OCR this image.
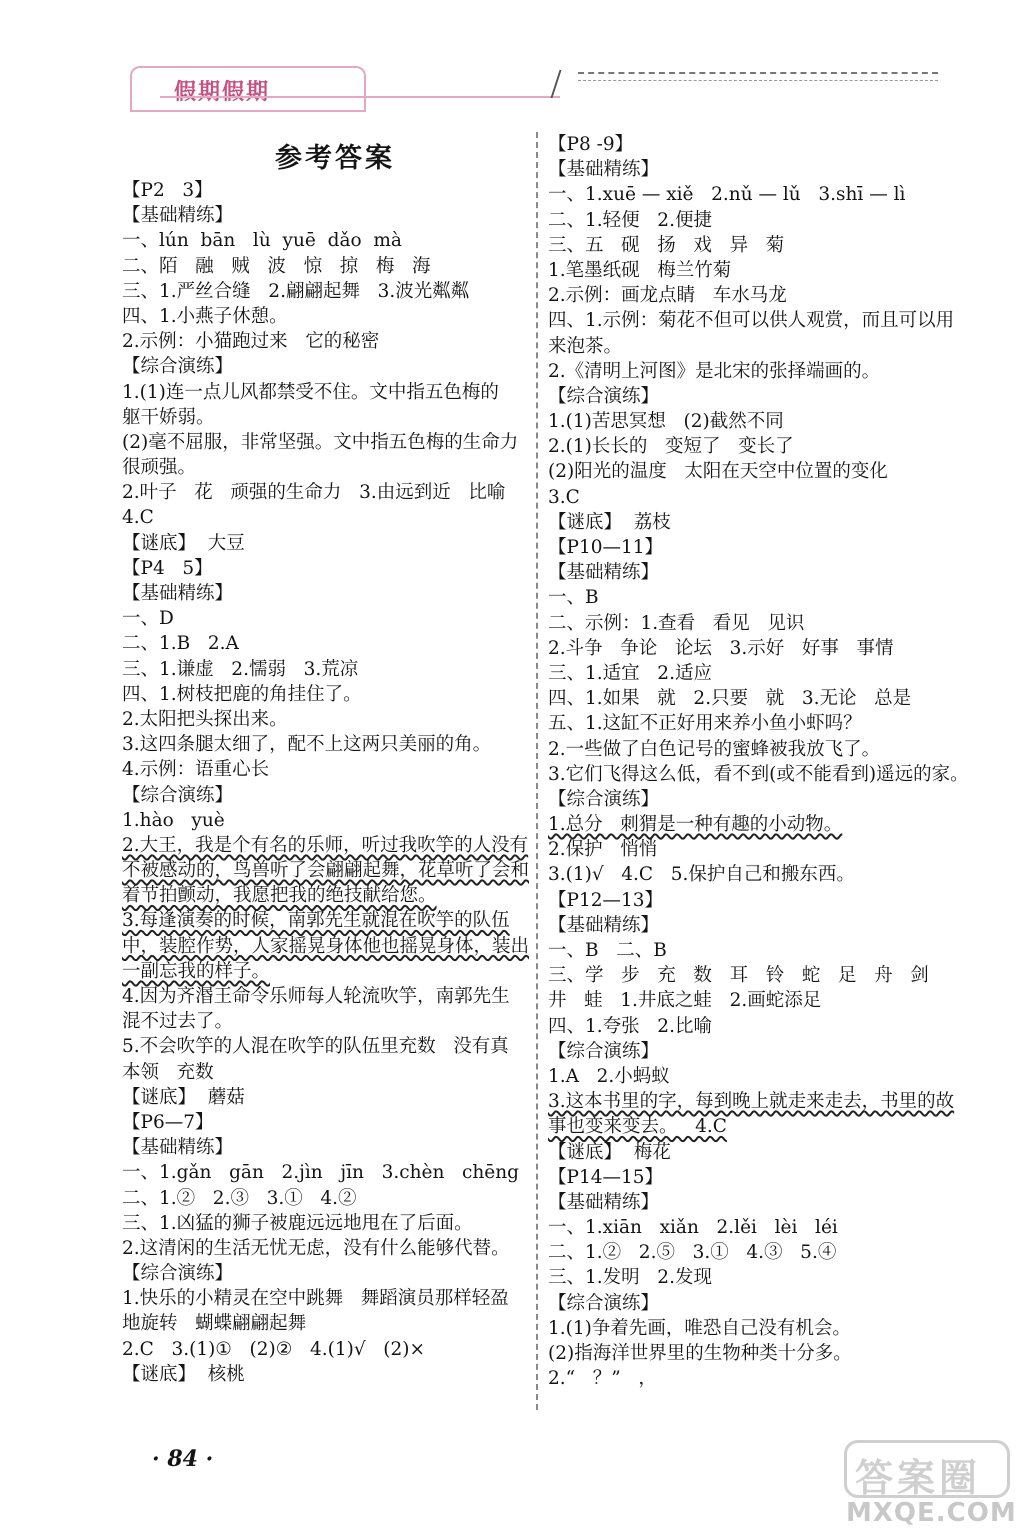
假期假期
参考答案
【P2   3】
【基础精练】
一、lún  bān   lù  yuē  dǎo  mà
二、陌   融   贼   波   惊   掠   梅   海
三、1.严丝合缝   2.翩翩起舞   3.波光粼粼
四、1.小燕子休憩。
2.示例：小猫跑过来   它的秘密
【综合演练】
1.(1)连一点儿风都禁受不住。文中指五色梅的
躯干娇弱。
(2)毫不屈服，非常坚强。文中指五色梅的生命力
很顽强。
2.叶子   花   顽强的生命力   3.由远到近   比喻
4.C
【谜底】  大豆
【P4   5】
【基础精练】
一、D
二、1.B   2.A
三、1.谦虚   2.懦弱   3.荒凉
四、1.树枝把鹿的角挂住了。
2.太阳把头探出来。
3.这四条腿太细了，配不上这两只美丽的角。
4.示例：语重心长
【综合演练】
1.hào   yuè
2.大王，我是个有名的乐师，听过我吹竽的人没有
不被感动的，鸟兽听了会翩翩起舞，花草听了会和
着节拍颤动，我愿把我的绝技献给您。
3.每逢演奏的时候，南郭先生就混在吹竽的队伍
中，装腔作势，人家摇晃身体他也摇晃身体，装出
一副忘我的样子。
4.因为齐湣王命令乐师每人轮流吹竽，南郭先生
混不过去了。
5.不会吹竽的人混在吹竽的队伍里充数   没有真
本领   充数
【谜底】  蘑菇
【P6—7】
【基础精练】
一、1.gǎn   gān   2.jìn   jīn   3.chèn   chēng
二、1.②   2.③   3.①   4.②
三、1.凶猛的狮子被鹿远远地甩在了后面。
2.这清闲的生活无忧无虑，没有什么能够代替。
【综合演练】
1.快乐的小精灵在空中跳舞   舞蹈演员那样轻盈
地旋转   蝴蝶翩翩起舞
2.C   3.(1)①   (2)②   4.(1)√   (2)×
【谜底】  核桃
【P8 -9】
【基础精练】
一、1.xuē — xiě   2.nǔ — lǔ   3.shī — lì
二、1.轻便   2.便捷
三、五   砚   扬   戏   异   菊
1.笔墨纸砚   梅兰竹菊
2.示例：画龙点睛   车水马龙
四、1.示例：菊花不但可以供人观赏，而且可以用
来泡茶。
2.《清明上河图》是北宋的张择端画的。
【综合演练】
1.(1)苦思冥想   (2)截然不同
2.(1)长长的   变短了   变长了
(2)阳光的温度   太阳在天空中位置的变化
3.C
【谜底】  荔枝
【P10—11】
【基础精练】
一、B
二、示例：1.查看   看见   见识
2.斗争   争论   论坛   3.示好   好事   事情
三、1.适宜   2.适应
四、1.如果   就   2.只要   就   3.无论   总是
五、1.这缸不正好用来养小鱼小虾吗？
2.一些做了白色记号的蜜蜂被我放飞了。
3.它们飞得这么低，看不到(或不能看到)遥远的家。
【综合演练】
1.总分   刺猬是一种有趣的小动物。
2.保护   悄悄
3.(1)√   4.C   5.保护自己和搬东西。
【P12—13】
【基础精练】
一、B   二、B
三、学   步   充   数   耳   铃   蛇   足   舟   剑
井   蛙   1.井底之蛙   2.画蛇添足
四、1.夸张   2.比喻
【综合演练】
1.A   2.小蚂蚁
3.这本书里的字，每到晚上就走来走去，书里的故
事也变来变去。   4.C
【谜底】  梅花
【P14—15】
【基础精练】
一、1.xiān   xiǎn   2.lěi   lèi   léi
二、1.②   2.⑤   3.①   4.③   5.④
三、1.发明   2.发现
【综合演练】
1.(1)争着先画，唯恐自己没有机会。
(2)指海洋世界里的生物种类十分多。
2.“   ？”   ，
· 84 ·	答案圈
MXQE.COM
